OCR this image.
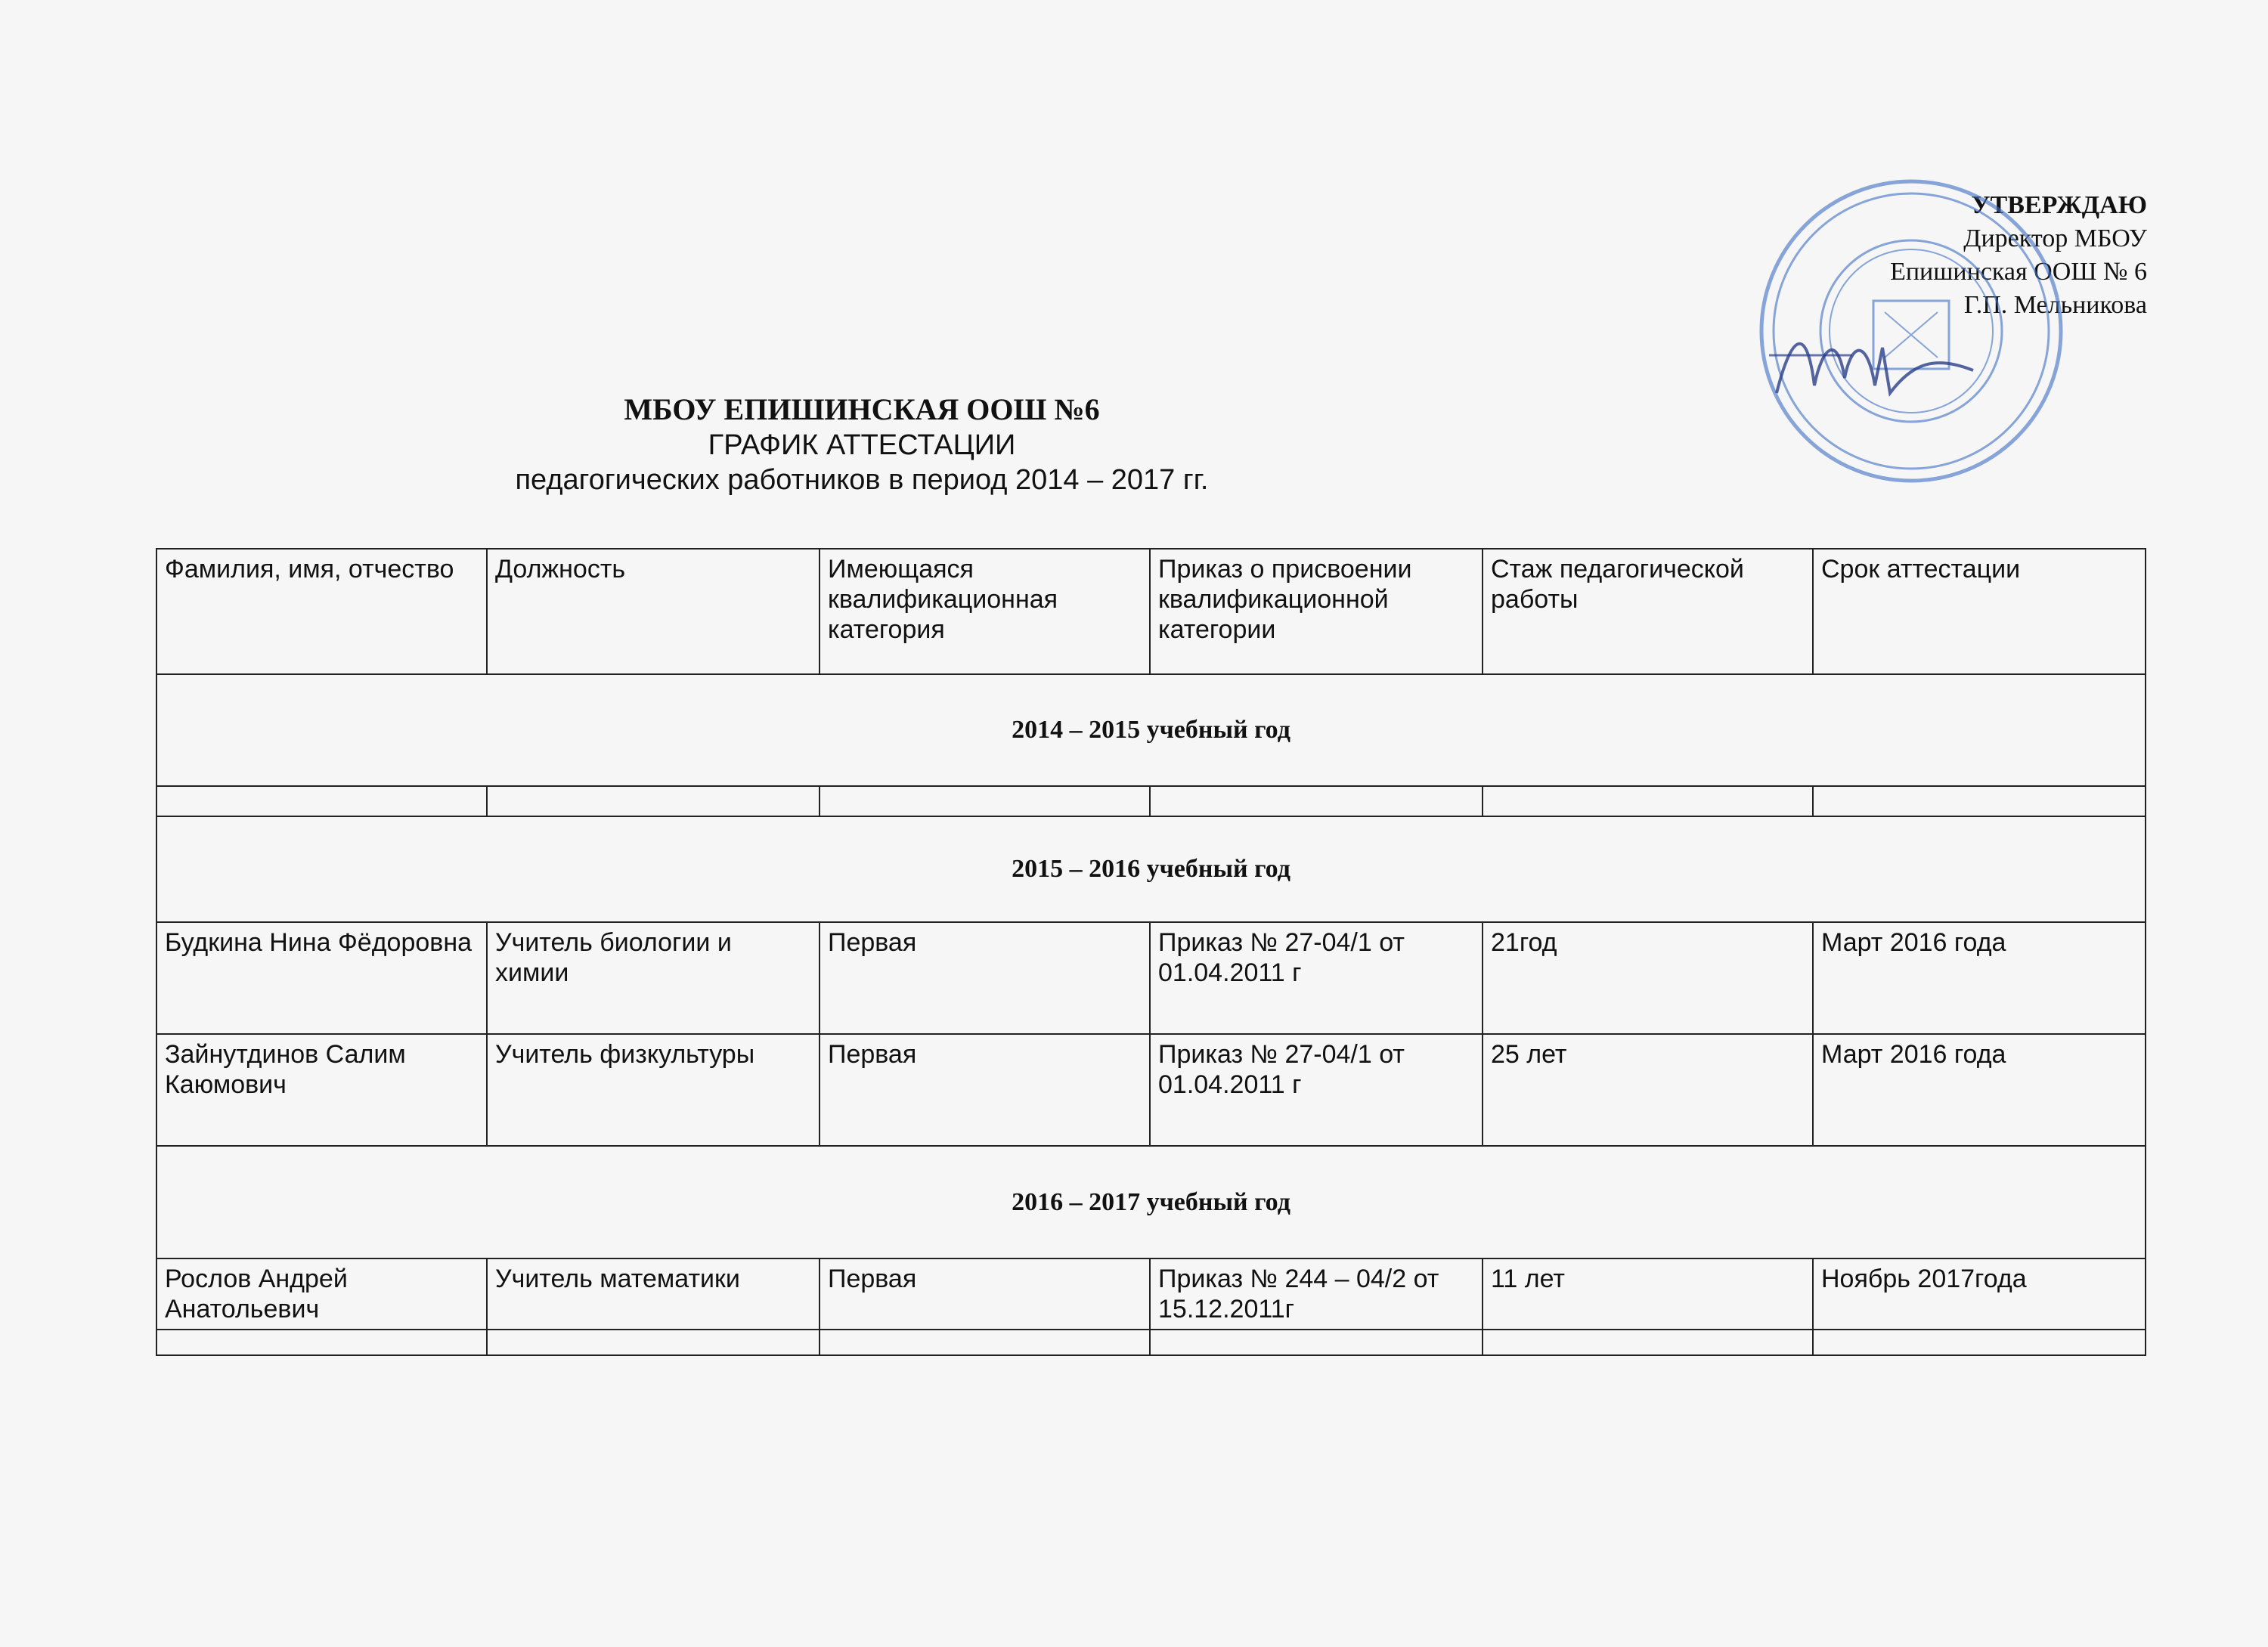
УТВЕРЖДАЮ
Директор МБОУ
Епишинская ООШ № 6
Г.П. Мельникова
МБОУ ЕПИШИНСКАЯ ООШ №6
ГРАФИК АТТЕСТАЦИИ
педагогических работников в период 2014 – 2017 гг.
Фамилия, имя, отчество	Должность	Имеющаяся квалификационная категория	Приказ о присвоении квалификационной категории	Стаж педагогической работы	Срок аттестации
2014 – 2015 учебный год					

2015 – 2016 учебный год					
Будкина Нина Фёдоровна	Учитель биологии и химии	Первая	Приказ № 27-04/1 от 01.04.2011 г	21год	Март 2016 года
Зайнутдинов Салим Каюмович	Учитель физкультуры	Первая	Приказ № 27-04/1 от 01.04.2011 г	25 лет	Март 2016 года
2016 – 2017 учебный год					
Рослов Андрей Анатольевич	Учитель математики	Первая	Приказ № 244 – 04/2 от 15.12.2011г	11 лет	Ноябрь 2017года
